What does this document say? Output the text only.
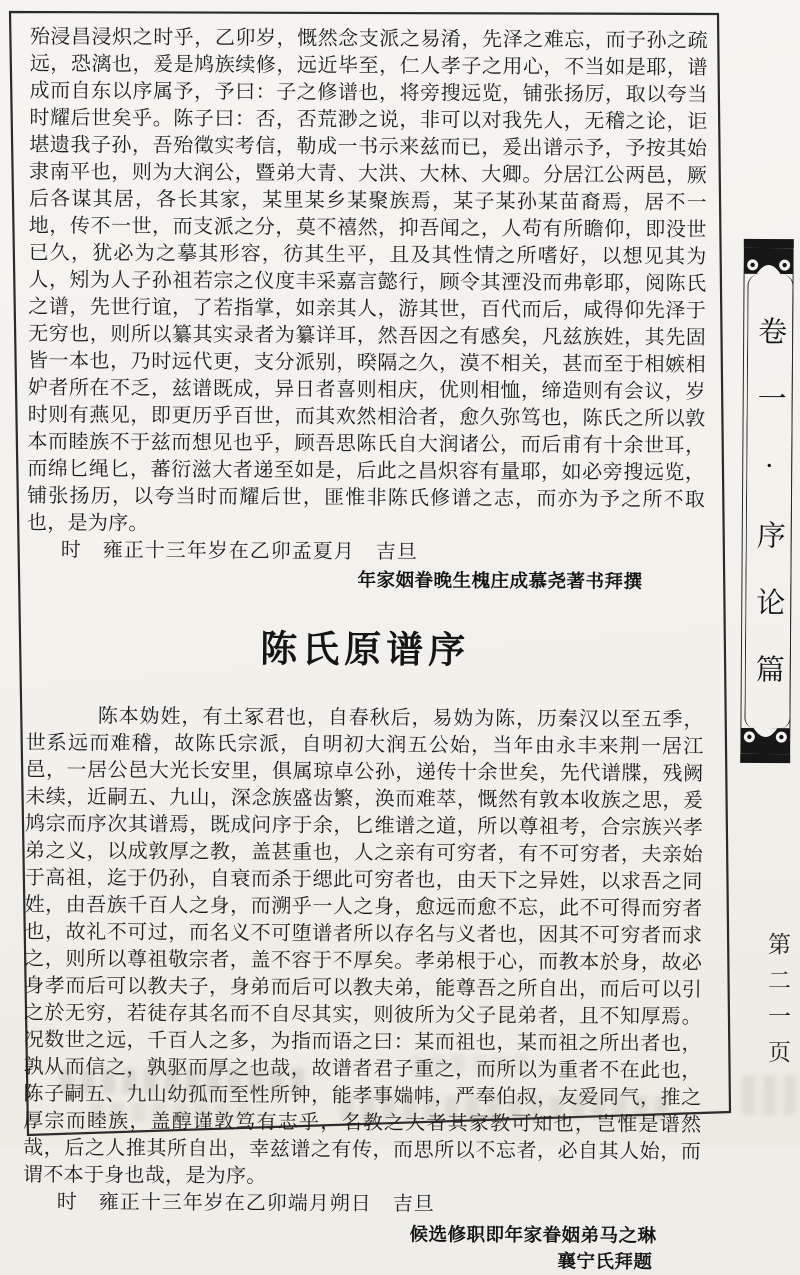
殆浸昌浸炽之时乎，乙卯岁，慨然念支派之易淆，先泽之难忘，而子孙之疏远，恐漓也，爰是鸠族续修，远近毕至，仁人孝子之用心，不当如是耶，谱成而自东以序属予，予曰：子之修谱也，将旁搜远览，铺张扬厉，取以夸当时耀后世矣乎。陈子曰：否，否荒渺之说，非可以对我先人，无稽之论，讵堪遗我子孙，吾殆徵实考信，勒成一书示来兹而已，爰出谱示予，予按其始隶南平也，则为大润公，暨弟大青、大洪、大林、大卿。分居江公两邑，厥后各谋其居，各长其家，某里某乡某聚族焉，某子某孙某苗裔焉，居不一地，传不一世，而支派之分，莫不禧然，抑吾闻之，人苟有所瞻仰，即没世已久，犹必为之摹其形容，彷其生平，且及其性情之所嗜好，以想见其为人，矧为人子孙祖若宗之仪度丰采嘉言懿行，顾令其湮没而弗彰耶，阅陈氏之谱，先世行谊，了若指掌，如亲其人，游其世，百代而后，咸得仰先泽于无穷也，则所以纂其实录者为纂详耳，然吾因之有感矣，凡兹族姓，其先固皆一本也，乃时远代更，支分派别，暌隔之久，漠不相关，甚而至于相嫉相妒者所在不乏，兹谱既成，异日者喜则相庆，优则相恤，缔造则有会议，岁时则有燕见，即更历乎百世，而其欢然相洽者，愈久弥笃也，陈氏之所以敦本而睦族不于兹而想见也乎，顾吾思陈氏自大润诸公，而后甫有十余世耳，而绵匕绳匕，蕃衍滋大者递至如是，后此之昌炽容有量耶，如必旁搜远览，铺张扬历，以夸当时而耀后世，匪惟非陈氏修谱之志，而亦为予之所不取也，是为序。

时　雍正十三年岁在乙卯孟夏月　吉旦
年家姻眷晚生槐庄成慕尧著书拜撰
陈氏原谱序

陈本妫姓，有土冢君也，自春秋后，易妫为陈，历秦汉以至五季，世系远而难稽，故陈氏宗派，自明初大润五公始，当年由永丰来荆一居江邑，一居公邑大光长安里，俱属琼卓公孙，递传十余世矣，先代谱牒，残阙未续，近嗣五、九山，深念族盛齿繁，涣而难萃，慨然有敦本收族之思，爰鸠宗而序次其谱焉，既成问序于余，匕维谱之道，所以尊祖考，合宗族兴孝弟之义，以成敦厚之教，盖甚重也，人之亲有可穷者，有不可穷者，夫亲始于高祖，迄于仍孙，自衰而杀于缌此可穷者也，由天下之异姓，以求吾之同姓，由吾族千百人之身，而溯乎一人之身，愈远而愈不忘，此不可得而穷者也，故礼不可过，而名义不可堕谱者所以存名与义者也，因其不可穷者而求之，则所以尊祖敬宗者，盖不容于不厚矣。孝弟根于心，而教本於身，故必身孝而后可以教夫子，身弟而后可以教夫弟，能尊吾之所自出，而后可以引之於无穷，若徒存其名而不自尽其实，则彼所为父子昆弟者，且不知厚焉。况数世之远，千百人之多，为指而语之曰：某而祖也，某而祖之所出者也，孰从而信之，孰驱而厚之也哉，故谱者君子重之，而所以为重者不在此也，陈子嗣五、九山幼孤而至性所钟，能孝事媏帏，严奉伯叔，友爱同气，推之厚宗而睦族，盖醇谨敦笃有志乎，名教之大者其家教可知也，岂惟是谱然哉，后之人推其所自出，幸兹谱之有传，而思所以不忘者，必自其人始，而谓不本于身也哉，是为序。

时　雍正十三年岁在乙卯端月朔日　吉旦
候选修职即年家眷姻弟马之琳
襄宁氏拜题
卷一·序论篇
第二一页
